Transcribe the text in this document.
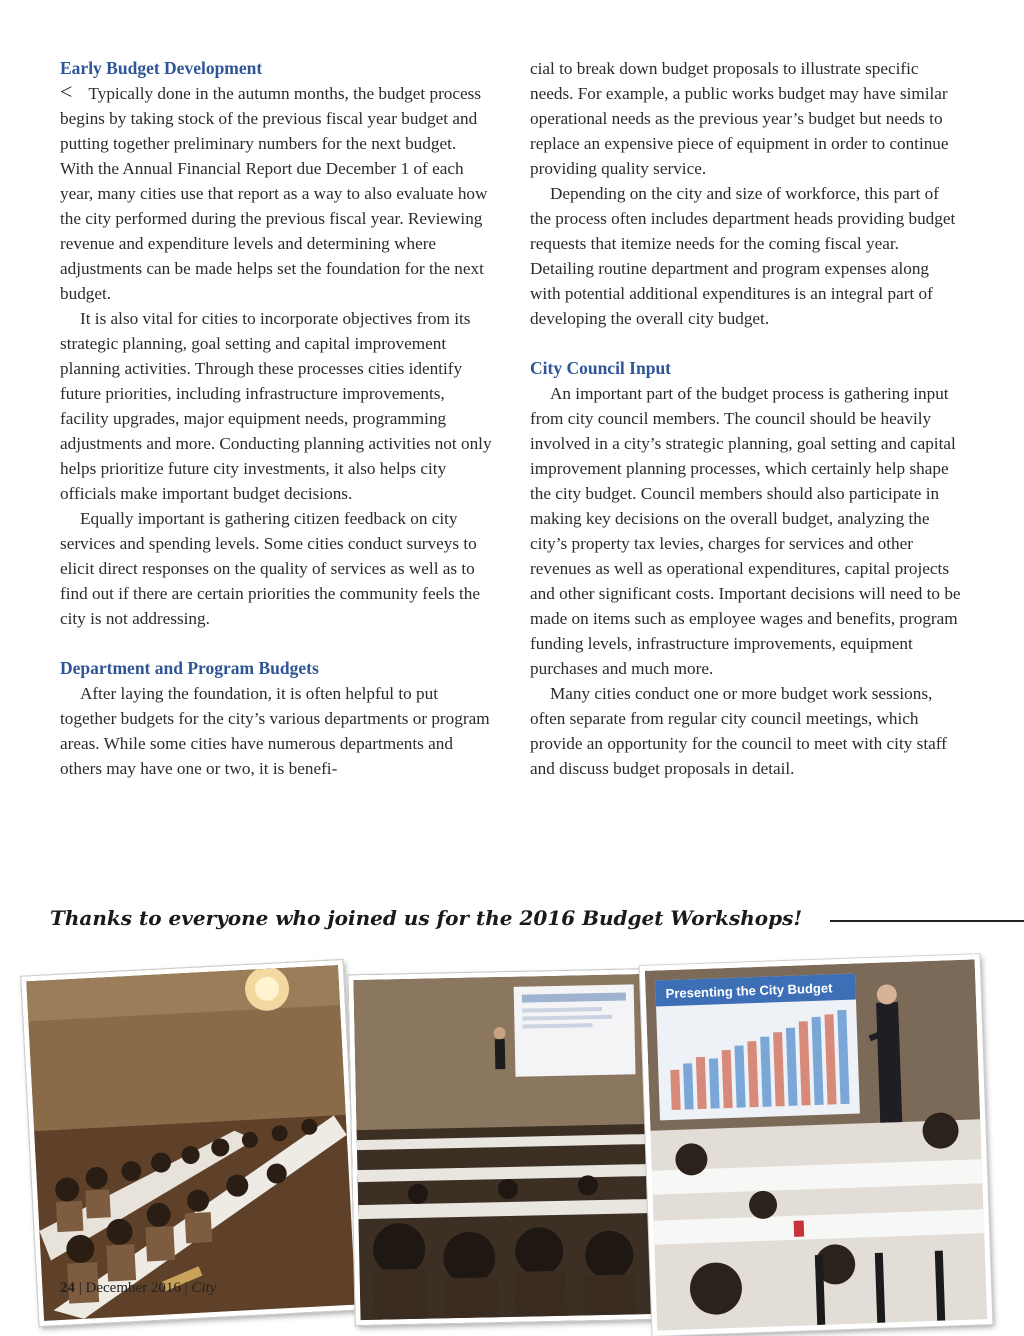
Early Budget Development

< Typically done in the autumn months, the budget process begins by taking stock of the previous fiscal year budget and putting together preliminary numbers for the next budget. With the Annual Financial Report due December 1 of each year, many cities use that report as a way to also evaluate how the city performed during the previous fiscal year. Reviewing revenue and expenditure levels and determining where adjustments can be made helps set the foundation for the next budget.

It is also vital for cities to incorporate objectives from its strategic planning, goal setting and capital improvement planning activities. Through these processes cities identify future priorities, including infrastructure improvements, facility upgrades, major equipment needs, programming adjustments and more. Conducting planning activities not only helps prioritize future city investments, it also helps city officials make important budget decisions.

Equally important is gathering citizen feedback on city services and spending levels. Some cities conduct surveys to elicit direct responses on the quality of services as well as to find out if there are certain priorities the community feels the city is not addressing.

Department and Program Budgets

After laying the foundation, it is often helpful to put together budgets for the city’s various departments or program areas. While some cities have numerous departments and others may have one or two, it is benefi-

cial to break down budget proposals to illustrate specific needs. For example, a public works budget may have similar operational needs as the previous year’s budget but needs to replace an expensive piece of equipment in order to continue providing quality service.

Depending on the city and size of workforce, this part of the process often includes department heads providing budget requests that itemize needs for the coming fiscal year. Detailing routine department and program expenses along with potential additional expenditures is an integral part of developing the overall city budget.

City Council Input

An important part of the budget process is gathering input from city council members. The council should be heavily involved in a city’s strategic planning, goal setting and capital improvement planning processes, which certainly help shape the city budget. Council members should also participate in making key decisions on the overall budget, analyzing the city’s property tax levies, charges for services and other revenues as well as operational expenditures, capital projects and other significant costs. Important decisions will need to be made on items such as employee wages and benefits, program funding levels, infrastructure improvements, equipment purchases and much more.

Many cities conduct one or more budget work sessions, often separate from regular city council meetings, which provide an opportunity for the council to meet with city staff and discuss budget proposals in detail.

Thanks to everyone who joined us for the 2016 Budget Workshops!
Presenting the City Budget
24 | December 2016 | City
